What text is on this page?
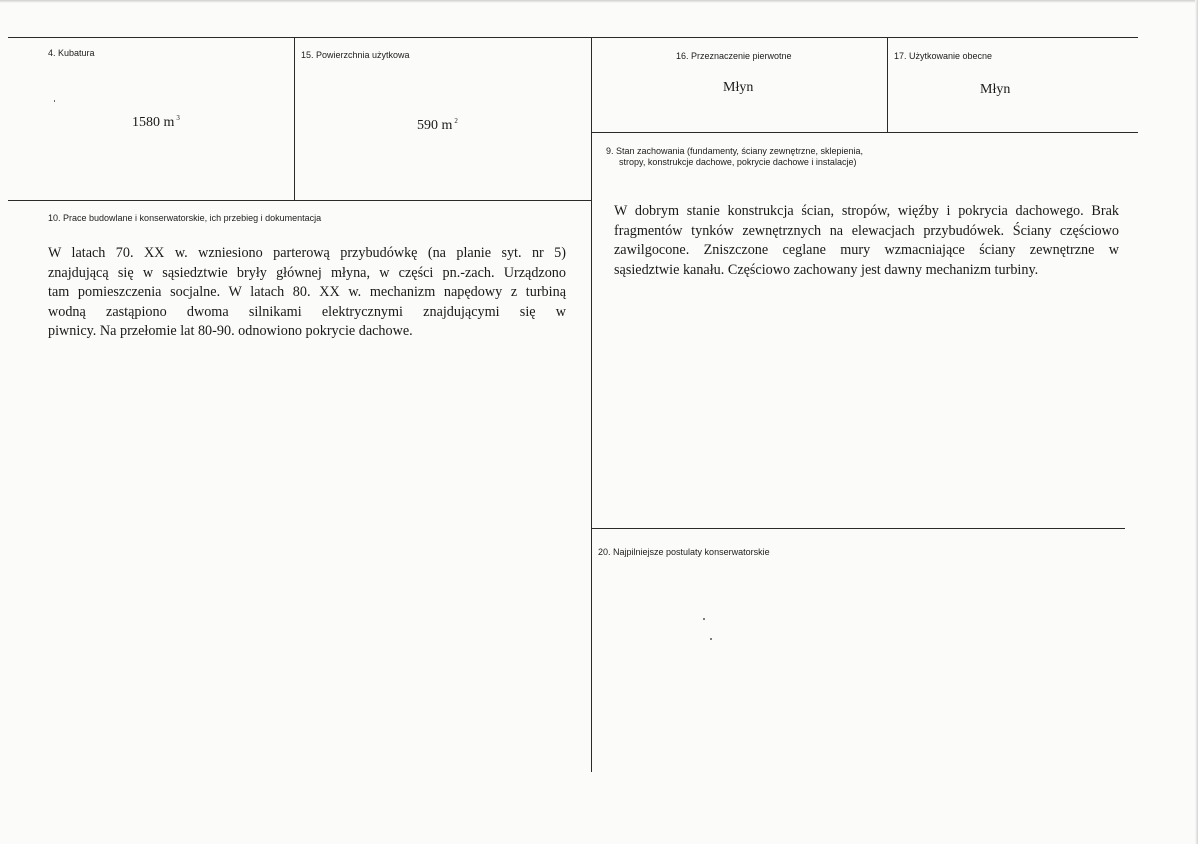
4. Kubatura
1580 m $^3$
15. Powierzchnia użytkowa
590 m $^2$
16. Przeznaczenie pierwotne
Młyn
17. Użytkowanie obecne
Młyn
9. Stan zachowania (fundamenty, ściany zewnętrzne, sklepienia,
stropy, konstrukcje dachowe, pokrycie dachowe i instalacje)
W dobrym stanie konstrukcja ścian, stropów, więźby i pokrycia dachowego. Brak
fragmentów tynków zewnętrznych na elewacjach przybudówek. Ściany częściowo
zawilgocone. Zniszczone ceglane mury wzmacniające ściany zewnętrzne w
sąsiedztwie kanału. Częściowo zachowany jest dawny mechanizm turbiny.
10. Prace budowlane i konserwatorskie, ich przebieg i dokumentacja
W latach 70. XX w. wzniesiono parterową przybudówkę (na planie syt. nr 5)
znajdującą się w sąsiedztwie bryły głównej młyna, w części pn.-zach. Urządzono
tam pomieszczenia socjalne. W latach 80. XX w. mechanizm napędowy z turbiną
wodną zastąpiono dwoma silnikami elektrycznymi znajdującymi się w
piwnicy. Na przełomie lat 80-90. odnowiono pokrycie dachowe.
20. Najpilniejsze postulaty konserwatorskie
